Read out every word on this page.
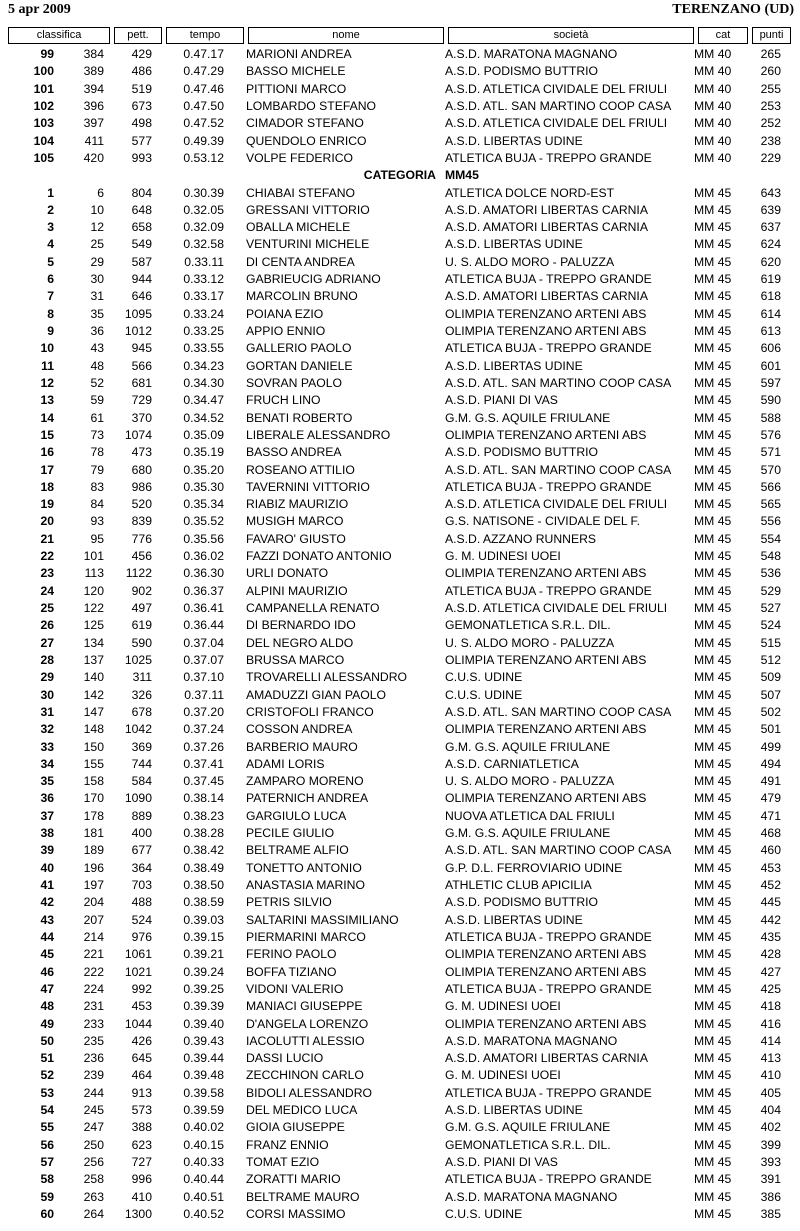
5 apr 2009	TERENZANO (UD)
classifica	pett.	tempo	nome	società	cat	punti
99	384	429	0.47.17 MARIONI ANDREA	A.S.D. MARATONA MAGNANO	MM 40	265
100	389	486	0.47.29 BASSO MICHELE	A.S.D. PODISMO BUTTRIO	MM 40	260
101	394	519	0.47.46 PITTIONI MARCO	A.S.D. ATLETICA CIVIDALE DEL FRIULI	MM 40	255
102	396	673	0.47.50 LOMBARDO STEFANO	A.S.D. ATL. SAN MARTINO COOP CASA	MM 40	253
103	397	498	0.47.52 CIMADOR STEFANO	A.S.D. ATLETICA CIVIDALE DEL FRIULI	MM 40	252
104	411	577	0.49.39 QUENDOLO ENRICO	A.S.D. LIBERTAS UDINE	MM 40	238
105	420	993	0.53.12 VOLPE FEDERICO	ATLETICA BUJA - TREPPO GRANDE	MM 40	229
CATEGORIA MM45
1	6	804	0.30.39 CHIABAI STEFANO	ATLETICA DOLCE NORD-EST	MM 45	643
2	10	648	0.32.05 GRESSANI VITTORIO	A.S.D. AMATORI LIBERTAS CARNIA	MM 45	639
3	12	658	0.32.09 OBALLA MICHELE	A.S.D. AMATORI LIBERTAS CARNIA	MM 45	637
4	25	549	0.32.58 VENTURINI MICHELE	A.S.D. LIBERTAS UDINE	MM 45	624
5	29	587	0.33.11 DI CENTA ANDREA	U. S. ALDO MORO - PALUZZA	MM 45	620
6	30	944	0.33.12 GABRIEUCIG ADRIANO	ATLETICA BUJA - TREPPO GRANDE	MM 45	619
7	31	646	0.33.17 MARCOLIN BRUNO	A.S.D. AMATORI LIBERTAS CARNIA	MM 45	618
8	35	1095	0.33.24 POIANA EZIO	OLIMPIA TERENZANO ARTENI ABS	MM 45	614
9	36	1012	0.33.25 APPIO ENNIO	OLIMPIA TERENZANO ARTENI ABS	MM 45	613
10	43	945	0.33.55 GALLERIO PAOLO	ATLETICA BUJA - TREPPO GRANDE	MM 45	606
11	48	566	0.34.23 GORTAN DANIELE	A.S.D. LIBERTAS UDINE	MM 45	601
12	52	681	0.34.30 SOVRAN PAOLO	A.S.D. ATL. SAN MARTINO COOP CASA	MM 45	597
13	59	729	0.34.47 FRUCH LINO	A.S.D. PIANI DI VAS	MM 45	590
14	61	370	0.34.52 BENATI ROBERTO	G.M. G.S. AQUILE FRIULANE	MM 45	588
15	73	1074	0.35.09 LIBERALE ALESSANDRO	OLIMPIA TERENZANO ARTENI ABS	MM 45	576
16	78	473	0.35.19 BASSO ANDREA	A.S.D. PODISMO BUTTRIO	MM 45	571
17	79	680	0.35.20 ROSEANO ATTILIO	A.S.D. ATL. SAN MARTINO COOP CASA	MM 45	570
18	83	986	0.35.30 TAVERNINI VITTORIO	ATLETICA BUJA - TREPPO GRANDE	MM 45	566
19	84	520	0.35.34 RIABIZ MAURIZIO	A.S.D. ATLETICA CIVIDALE DEL FRIULI	MM 45	565
20	93	839	0.35.52 MUSIGH MARCO	G.S. NATISONE - CIVIDALE DEL F.	MM 45	556
21	95	776	0.35.56 FAVARO' GIUSTO	A.S.D. AZZANO RUNNERS	MM 45	554
22	101	456	0.36.02 FAZZI DONATO ANTONIO	G. M. UDINESI UOEI	MM 45	548
23	113	1122	0.36.30 URLI DONATO	OLIMPIA TERENZANO ARTENI ABS	MM 45	536
24	120	902	0.36.37 ALPINI MAURIZIO	ATLETICA BUJA - TREPPO GRANDE	MM 45	529
25	122	497	0.36.41 CAMPANELLA RENATO	A.S.D. ATLETICA CIVIDALE DEL FRIULI	MM 45	527
26	125	619	0.36.44 DI BERNARDO IDO	GEMONATLETICA S.R.L. DIL.	MM 45	524
27	134	590	0.37.04 DEL NEGRO ALDO	U. S. ALDO MORO - PALUZZA	MM 45	515
28	137	1025	0.37.07 BRUSSA MARCO	OLIMPIA TERENZANO ARTENI ABS	MM 45	512
29	140	311	0.37.10 TROVARELLI ALESSANDRO	C.U.S. UDINE	MM 45	509
30	142	326	0.37.11 AMADUZZI GIAN PAOLO	C.U.S. UDINE	MM 45	507
31	147	678	0.37.20 CRISTOFOLI FRANCO	A.S.D. ATL. SAN MARTINO COOP CASA	MM 45	502
32	148	1042	0.37.24 COSSON ANDREA	OLIMPIA TERENZANO ARTENI ABS	MM 45	501
33	150	369	0.37.26 BARBERIO MAURO	G.M. G.S. AQUILE FRIULANE	MM 45	499
34	155	744	0.37.41 ADAMI LORIS	A.S.D. CARNIATLETICA	MM 45	494
35	158	584	0.37.45 ZAMPARO MORENO	U. S. ALDO MORO - PALUZZA	MM 45	491
36	170	1090	0.38.14 PATERNICH ANDREA	OLIMPIA TERENZANO ARTENI ABS	MM 45	479
37	178	889	0.38.23 GARGIULO LUCA	NUOVA ATLETICA DAL FRIULI	MM 45	471
38	181	400	0.38.28 PECILE GIULIO	G.M. G.S. AQUILE FRIULANE	MM 45	468
39	189	677	0.38.42 BELTRAME ALFIO	A.S.D. ATL. SAN MARTINO COOP CASA	MM 45	460
40	196	364	0.38.49 TONETTO ANTONIO	G.P. D.L. FERROVIARIO UDINE	MM 45	453
41	197	703	0.38.50 ANASTASIA MARINO	ATHLETIC CLUB APICILIA	MM 45	452
42	204	488	0.38.59 PETRIS SILVIO	A.S.D. PODISMO BUTTRIO	MM 45	445
43	207	524	0.39.03 SALTARINI MASSIMILIANO	A.S.D. LIBERTAS UDINE	MM 45	442
44	214	976	0.39.15 PIERMARINI MARCO	ATLETICA BUJA - TREPPO GRANDE	MM 45	435
45	221	1061	0.39.21 FERINO PAOLO	OLIMPIA TERENZANO ARTENI ABS	MM 45	428
46	222	1021	0.39.24 BOFFA TIZIANO	OLIMPIA TERENZANO ARTENI ABS	MM 45	427
47	224	992	0.39.25 VIDONI VALERIO	ATLETICA BUJA - TREPPO GRANDE	MM 45	425
48	231	453	0.39.39 MANIACI GIUSEPPE	G. M. UDINESI UOEI	MM 45	418
49	233	1044	0.39.40 D'ANGELA LORENZO	OLIMPIA TERENZANO ARTENI ABS	MM 45	416
50	235	426	0.39.43 IACOLUTTI ALESSIO	A.S.D. MARATONA MAGNANO	MM 45	414
51	236	645	0.39.44 DASSI LUCIO	A.S.D. AMATORI LIBERTAS CARNIA	MM 45	413
52	239	464	0.39.48 ZECCHINON CARLO	G. M. UDINESI UOEI	MM 45	410
53	244	913	0.39.58 BIDOLI ALESSANDRO	ATLETICA BUJA - TREPPO GRANDE	MM 45	405
54	245	573	0.39.59 DEL MEDICO LUCA	A.S.D. LIBERTAS UDINE	MM 45	404
55	247	388	0.40.02 GIOIA GIUSEPPE	G.M. G.S. AQUILE FRIULANE	MM 45	402
56	250	623	0.40.15 FRANZ ENNIO	GEMONATLETICA S.R.L. DIL.	MM 45	399
57	256	727	0.40.33 TOMAT EZIO	A.S.D. PIANI DI VAS	MM 45	393
58	258	996	0.40.44 ZORATTI MARIO	ATLETICA BUJA - TREPPO GRANDE	MM 45	391
59	263	410	0.40.51 BELTRAME MAURO	A.S.D. MARATONA MAGNANO	MM 45	386
60	264	1300	0.40.52 CORSI MASSIMO	C.U.S. UDINE	MM 45	385
